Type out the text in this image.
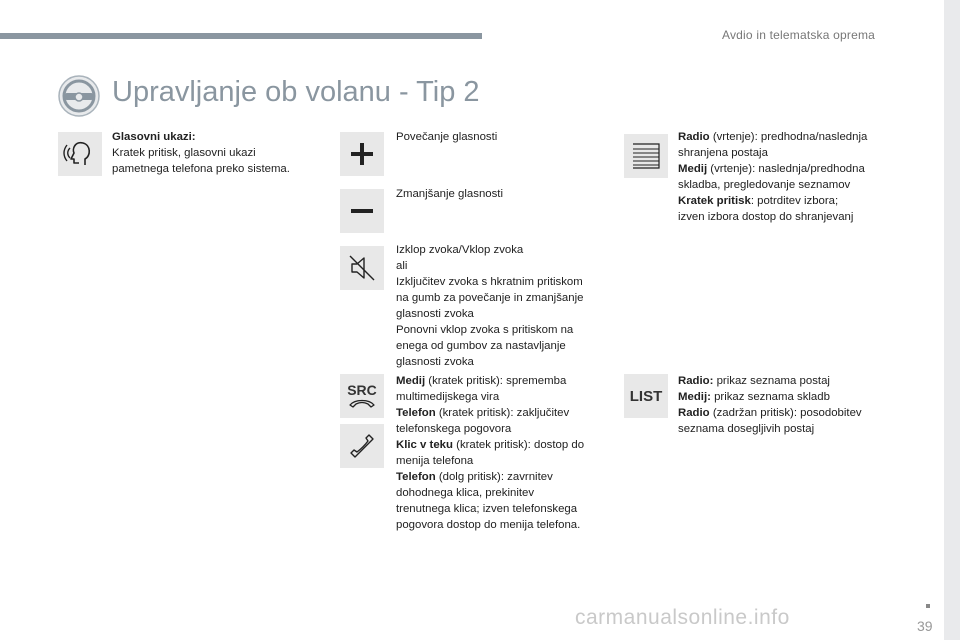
Avdio in telematska oprema
Upravljanje ob volanu - Tip 2

Glasovni ukazi:

Kratek pritisk, glasovni ukazi

pametnega telefona preko sistema.

Povečanje glasnosti

Zmanjšanje glasnosti

Izklop zvoka/Vklop zvoka

ali

Izključitev zvoka s hkratnim pritiskom

na gumb za povečanje in zmanjšanje

glasnosti zvoka

Ponovni vklop zvoka s pritiskom na

enega od gumbov za nastavljanje

glasnosti zvoka

SRC

Medij (kratek pritisk): sprememba

multimedijskega vira

Telefon (kratek pritisk): zaključitev

telefonskega pogovora

Klic v teku (kratek pritisk): dostop do

menija telefona

Telefon (dolg pritisk): zavrnitev

dohodnega klica, prekinitev

trenutnega klica; izven telefonskega

pogovora dostop do menija telefona.

Radio (vrtenje): predhodna/naslednja

shranjena postaja

Medij (vrtenje): naslednja/predhodna

skladba, pregledovanje seznamov

Kratek pritisk: potrditev izbora;

izven izbora dostop do shranjevanj

LIST

Radio: prikaz seznama postaj

Medij: prikaz seznama skladb

Radio (zadržan pritisk): posodobitev

seznama dosegljivih postaj

39
carmanualsonline.info
